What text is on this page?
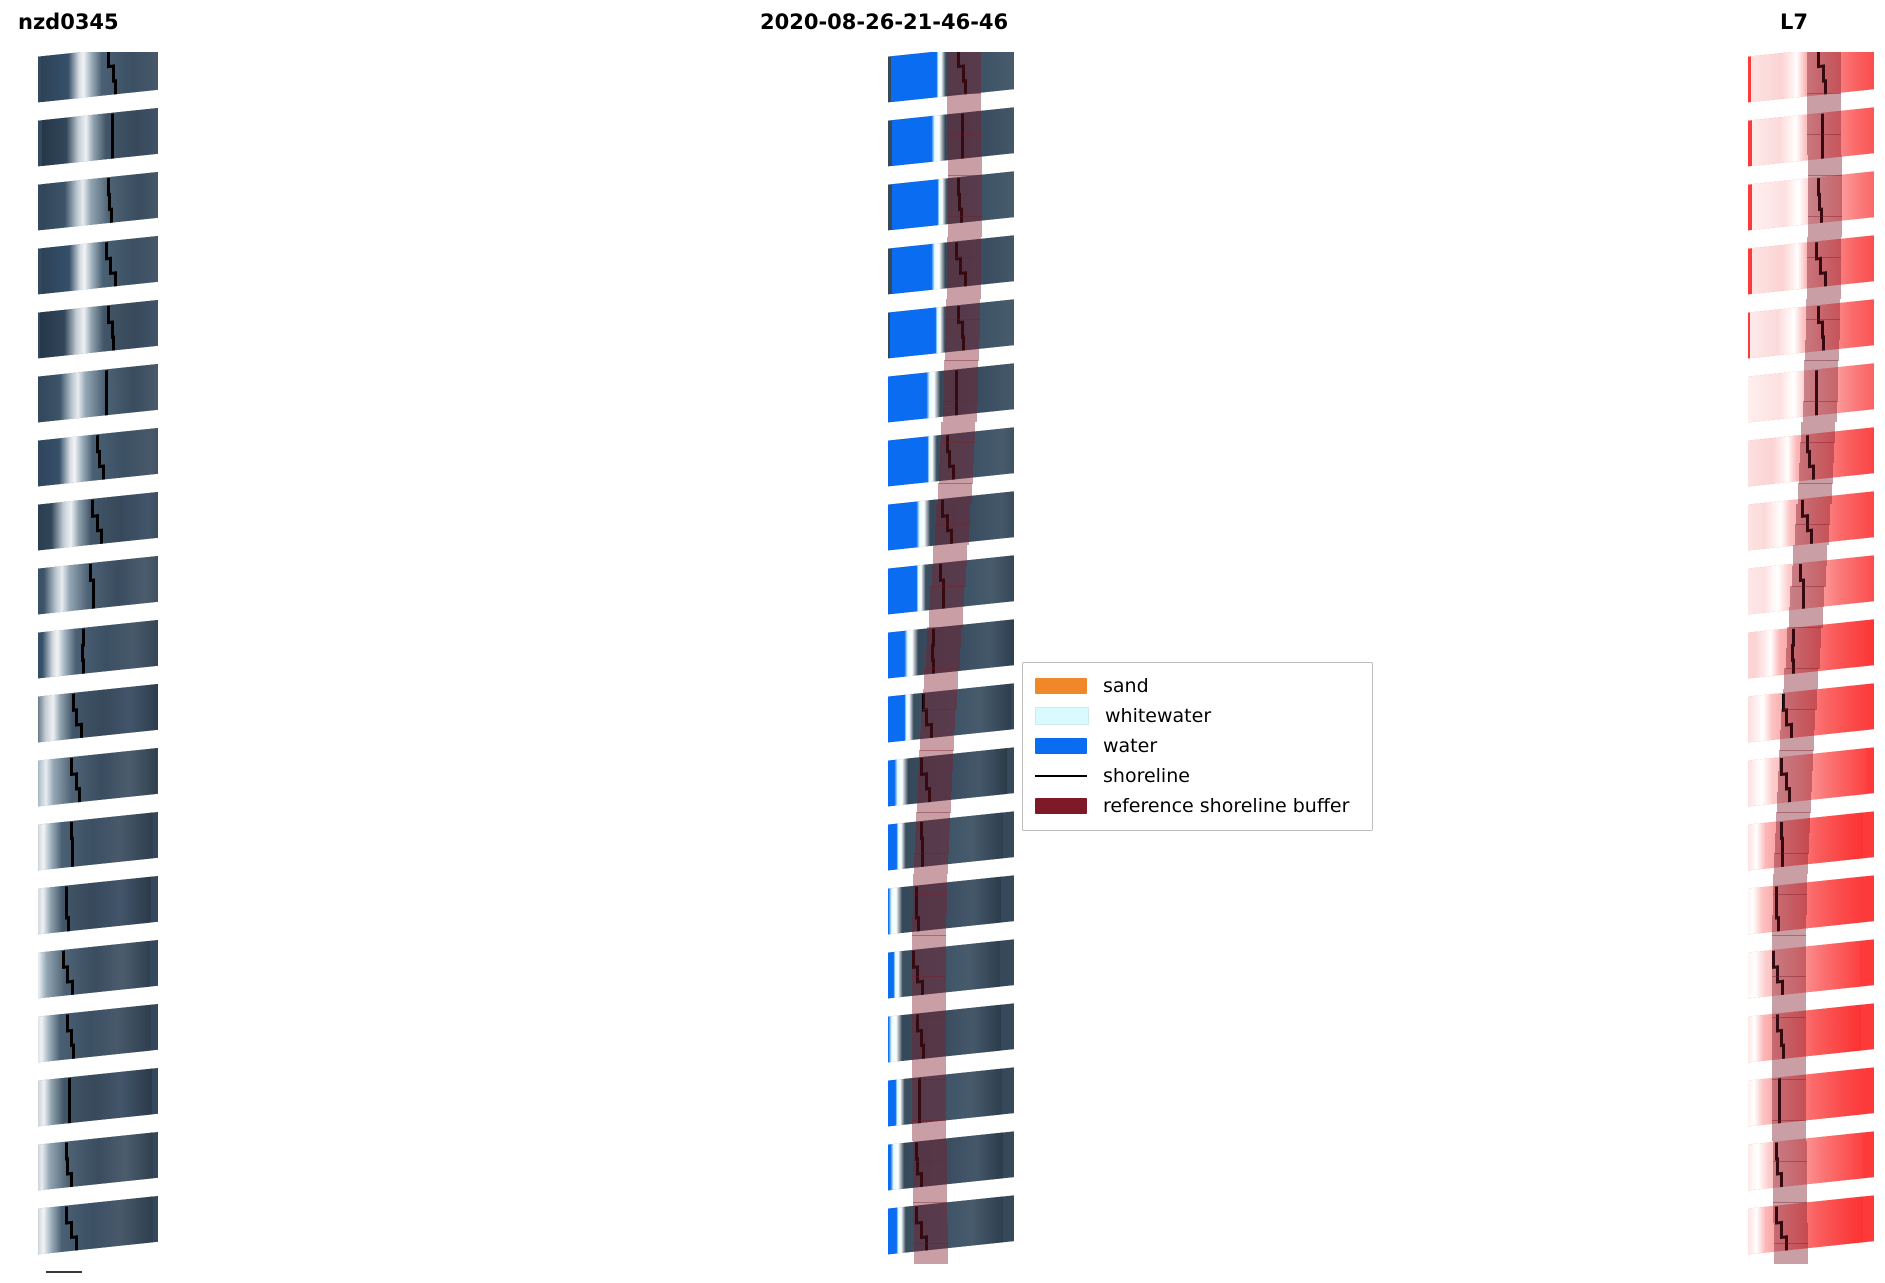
nzd0345	2020-08-26-21-46-46	L7
sand
whitewater
water
shoreline
reference shoreline buffer
